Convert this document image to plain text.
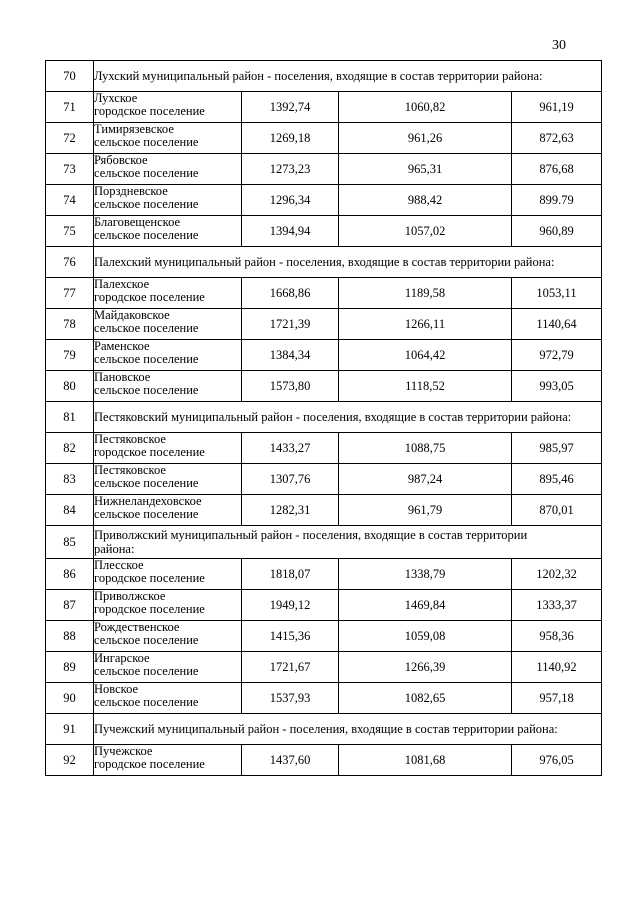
30
70	Лухский муниципальный район - поселения, входящие в состав территории района:			
71	Лухское
городское поселение	1392,74	1060,82	961,19
72	Тимирязевское
сельское поселение	1269,18	961,26	872,63
73	Рябовское
сельское поселение	1273,23	965,31	876,68
74	Порздневское
сельское поселение	1296,34	988,42	899.79
75	Благовещенское
сельское поселение	1394,94	1057,02	960,89
76	Палехский муниципальный район - поселения, входящие в состав территории района:			
77	Палехское
городское поселение	1668,86	1189,58	1053,11
78	Майдаковское
сельское поселение	1721,39	1266,11	1140,64
79	Раменское
сельское поселение	1384,34	1064,42	972,79
80	Пановское
сельское поселение	1573,80	1118,52	993,05
81	Пестяковский муниципальный район - поселения, входящие в состав территории района:			
82	Пестяковское
городское поселение	1433,27	1088,75	985,97
83	Пестяковское
сельское поселение	1307,76	987,24	895,46
84	Нижнеландеховское
сельское поселение	1282,31	961,79	870,01
85	Приволжский муниципальный район - поселения, входящие в состав территории
района:			

86	Плесское
городское поселение	1818,07	1338,79	1202,32
87	Приволжское
городское поселение	1949,12	1469,84	1333,37
88	Рождественское
сельское поселение	1415,36	1059,08	958,36
89	Ингарское
сельское поселение	1721,67	1266,39	1140,92
90	Новское
сельское поселение	1537,93	1082,65	957,18
91	Пучежский муниципальный район - поселения, входящие в состав территории района:			
92	Пучежское
городское поселение	1437,60	1081,68	976,05
